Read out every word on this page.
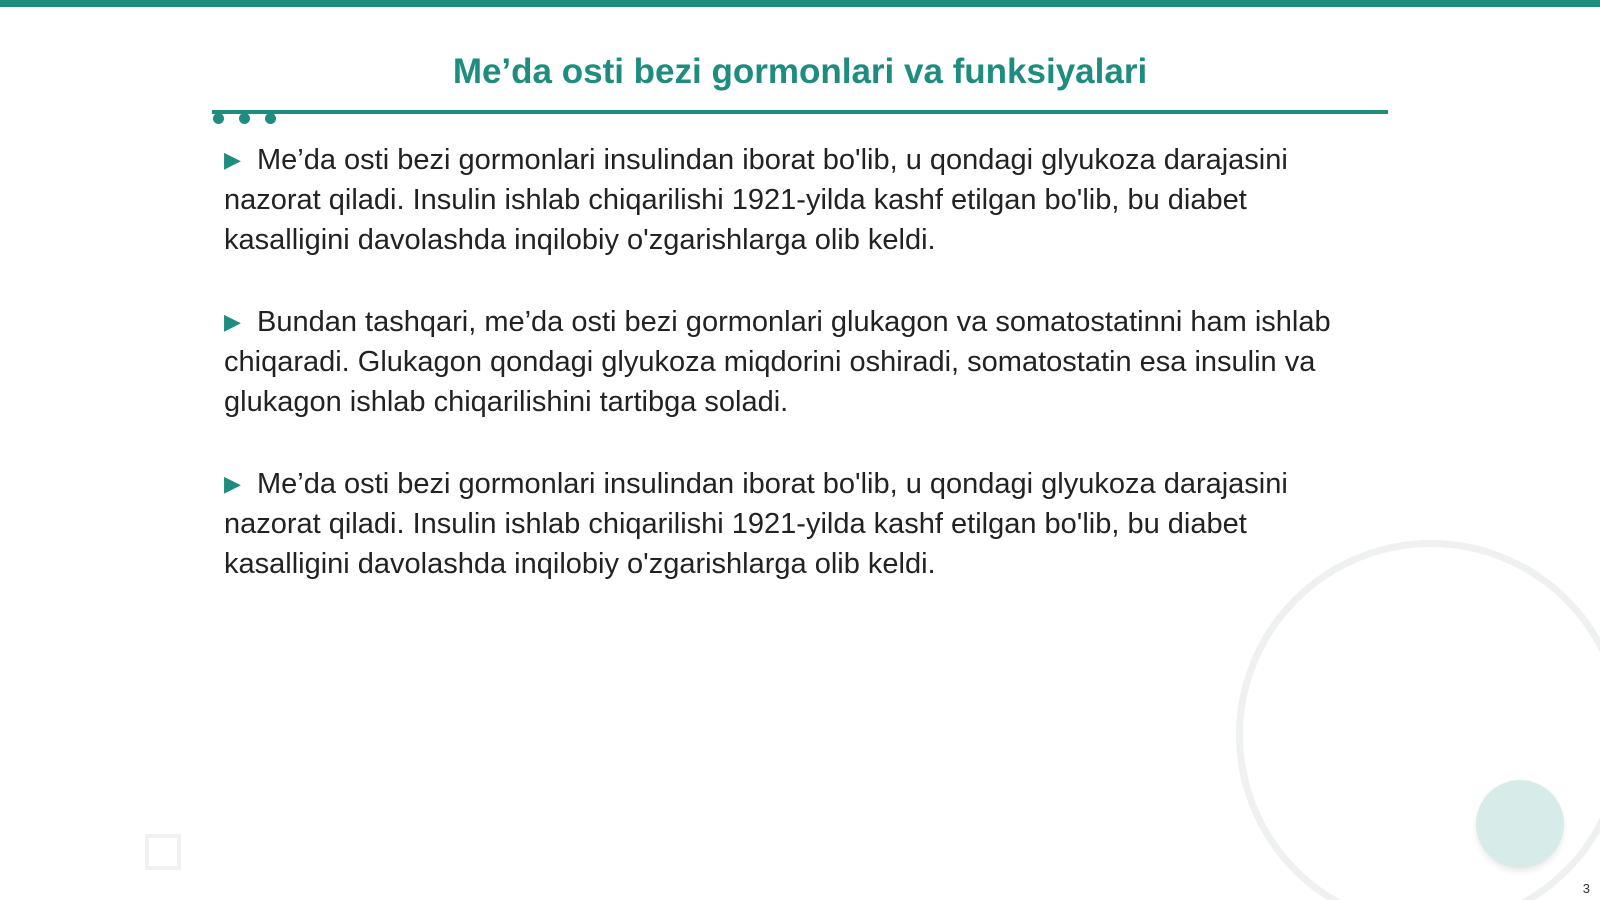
Me’da osti bezi gormonlari va funksiyalari
▶ Me’da osti bezi gormonlari insulindan iborat bo'lib, u qondagi glyukoza darajasini nazorat qiladi. Insulin ishlab chiqarilishi 1921-yilda kashf etilgan bo'lib, bu diabet kasalligini davolashda inqilobiy o'zgarishlarga olib keldi.
▶ Bundan tashqari, me’da osti bezi gormonlari glukagon va somatostatinni ham ishlab chiqaradi. Glukagon qondagi glyukoza miqdorini oshiradi, somatostatin esa insulin va glukagon ishlab chiqarilishini tartibga soladi.
▶ Me’da osti bezi gormonlari insulindan iborat bo'lib, u qondagi glyukoza darajasini nazorat qiladi. Insulin ishlab chiqarilishi 1921-yilda kashf etilgan bo'lib, bu diabet kasalligini davolashda inqilobiy o'zgarishlarga olib keldi.
3
